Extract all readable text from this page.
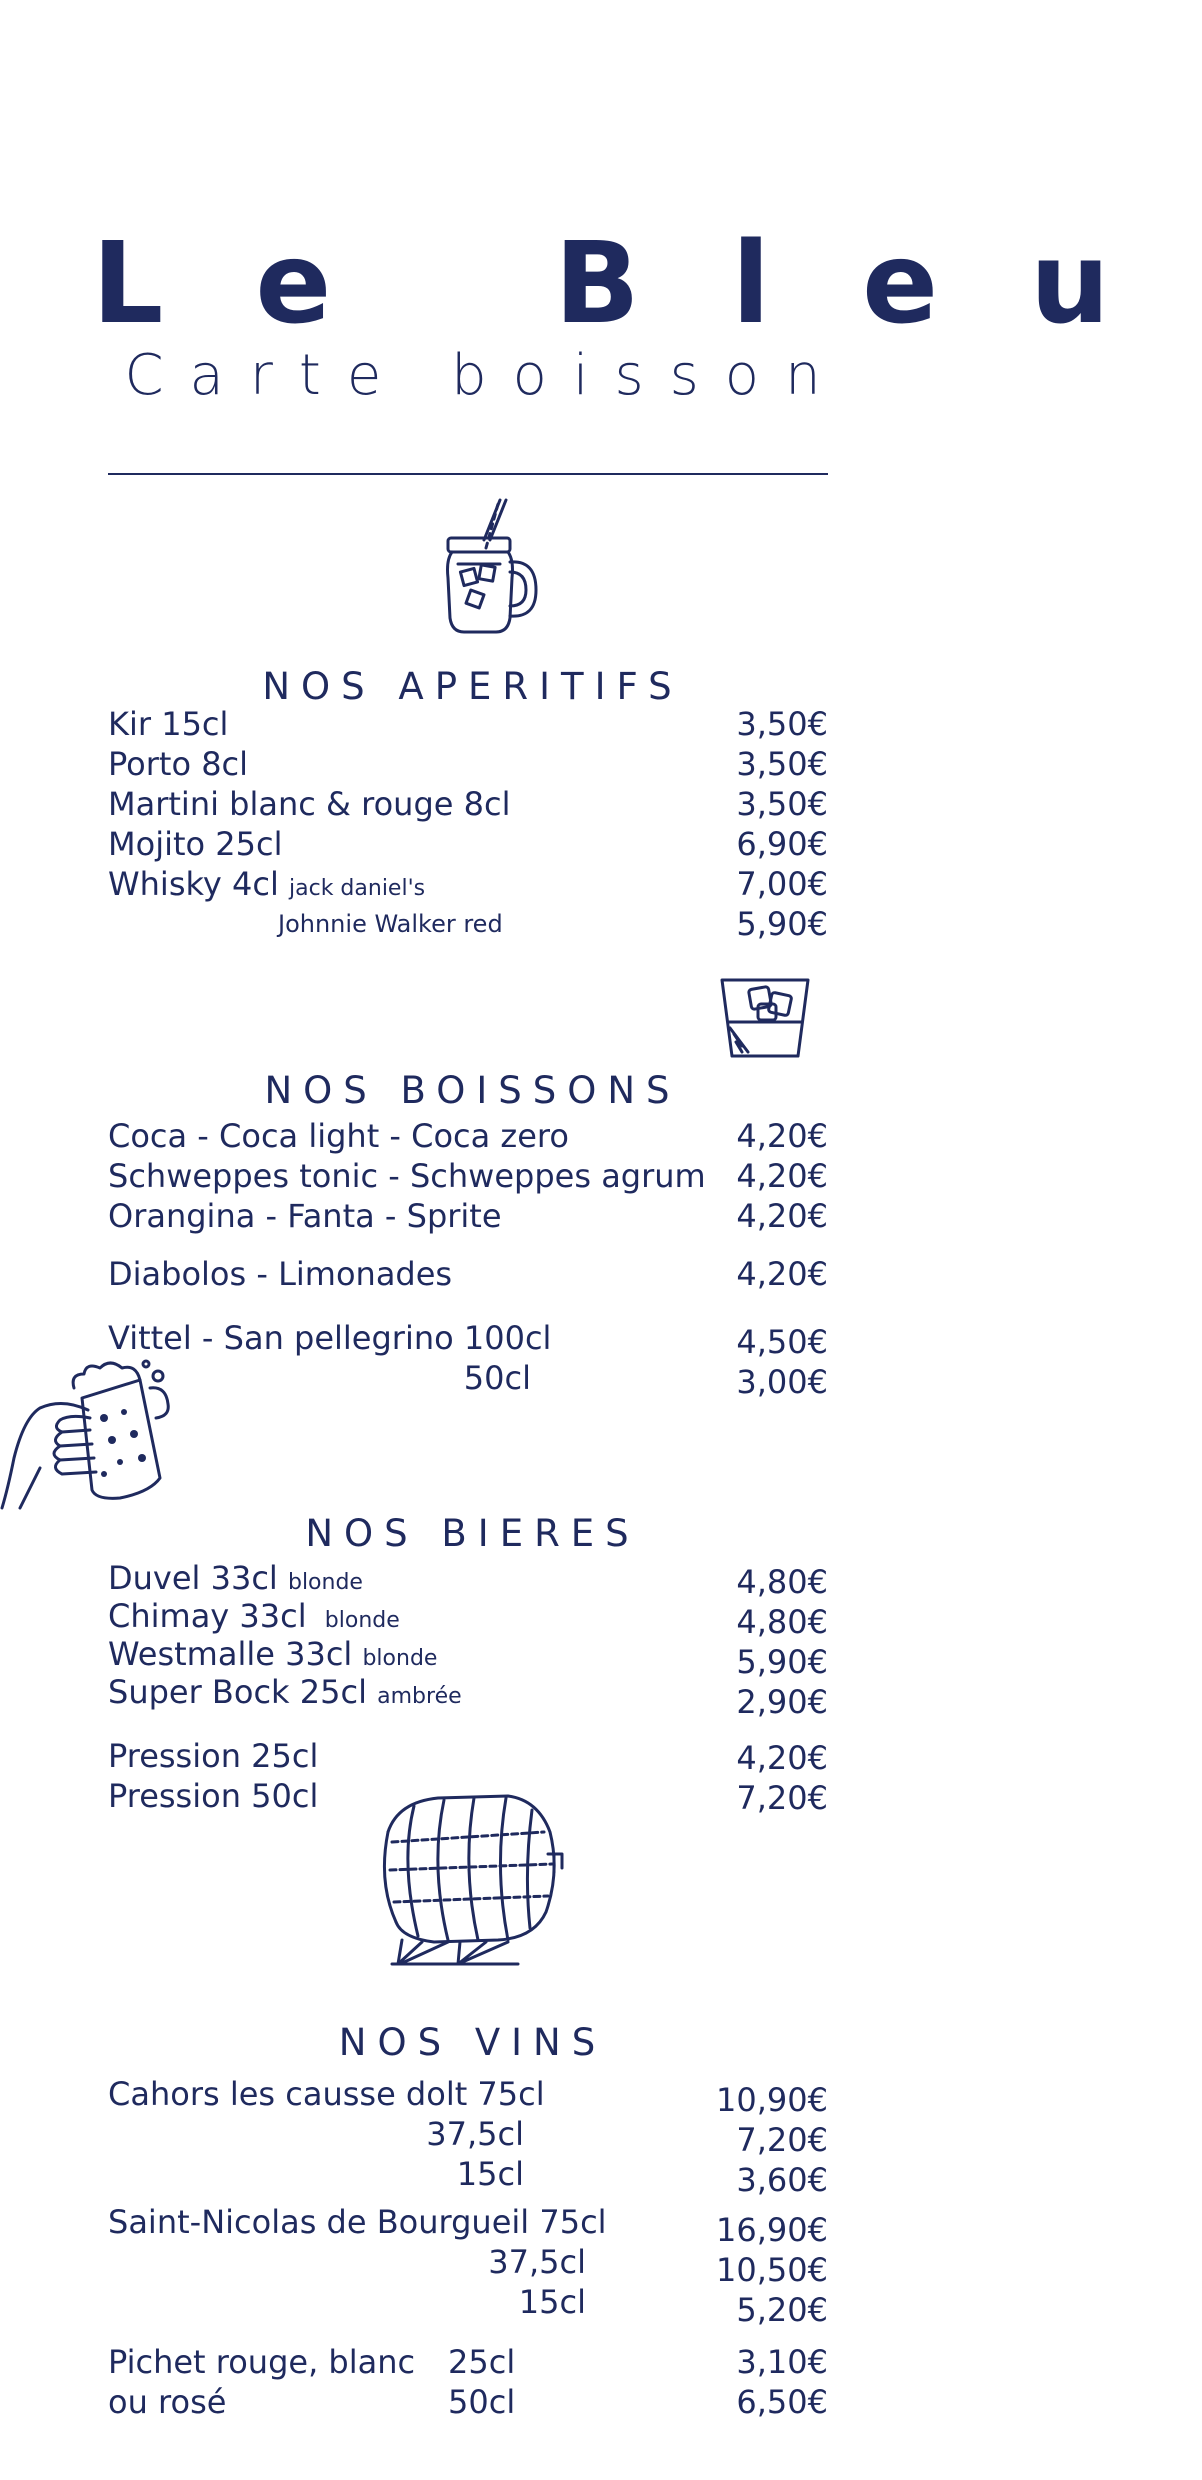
Le Bleu
Carte boisson
NOS APERITIFS
Kir 15cl	3,50€
Porto 8cl	3,50€
Martini blanc & rouge 8cl	3,50€
Mojito 25cl	6,90€
Whisky 4cl jack daniel's	7,00€
Johnnie Walker red	5,90€
NOS BOISSONS
Coca - Coca light - Coca zero	4,20€
Schweppes tonic - Schweppes agrum 4,20€
Orangina - Fanta - Sprite	4,20€
Diabolos - Limonades	4,20€
Vittel - San pellegrino 100cl	4,50€
50cl	3,00€
NOS BIERES
Duvel 33cl blonde	4,80€
Chimay 33cl blonde	4,80€
Westmalle 33cl blonde	5,90€
Super Bock 25cl ambrée	2,90€
Pression 25cl	4,20€
Pression 50cl	7,20€
NOS VINS
Cahors les causse dolt 75cl	10,90€
37,5cl	7,20€
15cl	3,60€
Saint-Nicolas de Bourgueil 75cl	16,90€
37,5cl	10,50€
15cl	5,20€
Pichet rouge, blanc 25cl	3,10€
ou rosé	50cl	6,50€
